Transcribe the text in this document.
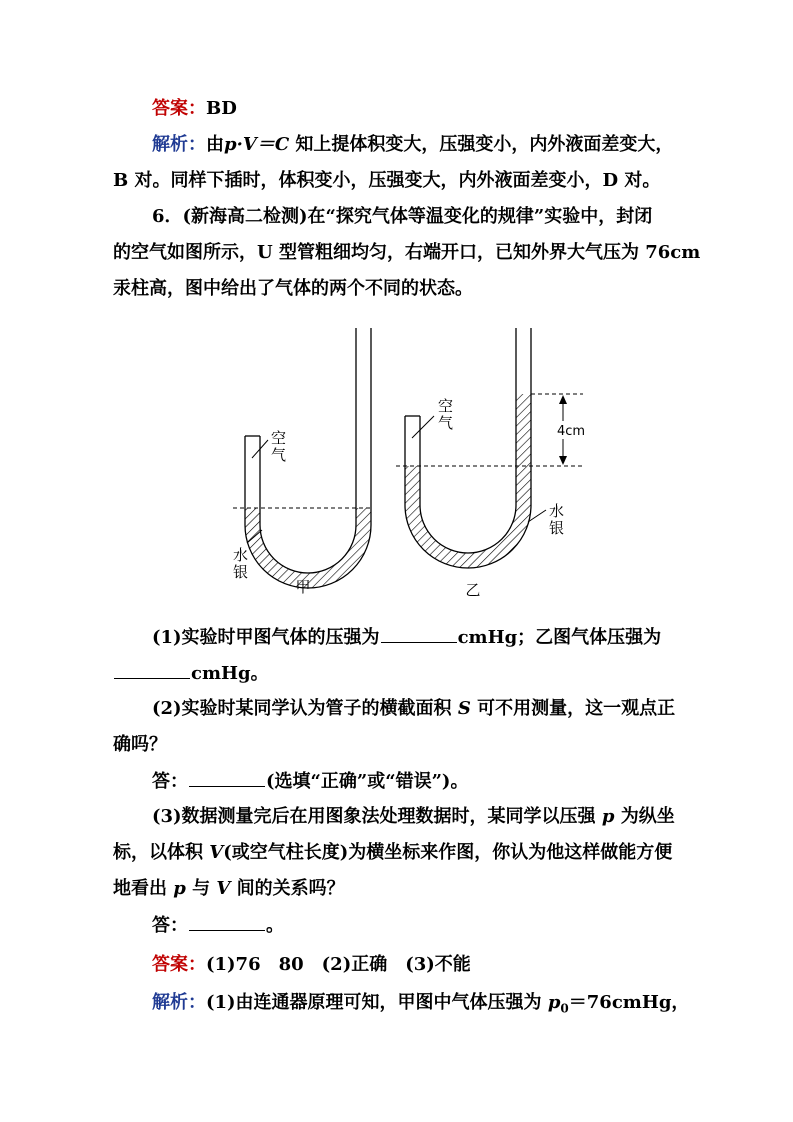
答案：BD
解析：由p·V＝C 知上提体积变大，压强变小，内外液面差变大，
B 对。同样下插时，体积变小，压强变大，内外液面差变小，D 对。
6．(新海高二检测)在“探究气体等温变化的规律”实验中，封闭
的空气如图所示，U 型管粗细均匀，右端开口，已知外界大气压为 76cm
汞柱高，图中给出了气体的两个不同的状态。
空气
水银
甲
4cm
空气
水银
乙
(1)实验时甲图气体的压强为	cmHg；乙图气体压强为
cmHg。
(2)实验时某同学认为管子的横截面积 S 可不用测量，这一观点正
确吗？
答：	(选填“正确”或“错误”)。
(3)数据测量完后在用图象法处理数据时，某同学以压强 p 为纵坐
标，以体积 V(或空气柱长度)为横坐标来作图，你认为他这样做能方便
地看出 p 与 V 间的关系吗？
答：	。
答案：(1)76　80　(2)正确　(3)不能
解析：(1)由连通器原理可知，甲图中气体压强为 $p_0=76cmHg$，
